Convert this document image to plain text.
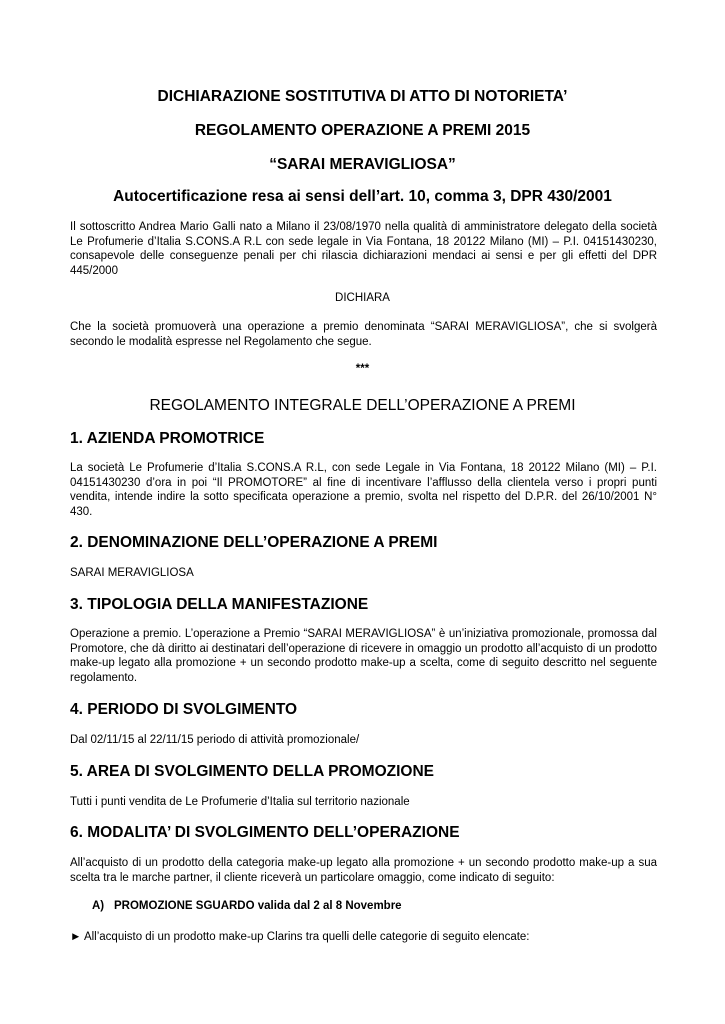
DICHIARAZIONE SOSTITUTIVA DI ATTO DI NOTORIETA’

REGOLAMENTO OPERAZIONE A PREMI 2015

“SARAI MERAVIGLIOSA”

Autocertificazione resa ai sensi dell’art. 10, comma 3, DPR 430/2001

Il sottoscritto Andrea Mario Galli nato a Milano il 23/08/1970 nella qualità di amministratore delegato della società Le Profumerie d’Italia S.CONS.A R.L con sede legale in Via Fontana, 18 20122 Milano (MI) – P.I. 04151430230, consapevole delle conseguenze penali per chi rilascia dichiarazioni mendaci ai sensi e per gli effetti del DPR 445/2000

DICHIARA

Che la società promuoverà una operazione a premio denominata “SARAI MERAVIGLIOSA”, che si svolgerà secondo le modalità espresse nel Regolamento che segue.

***

REGOLAMENTO INTEGRALE DELL’OPERAZIONE A PREMI

1. AZIENDA PROMOTRICE

La società Le Profumerie d’Italia S.CONS.A R.L, con sede Legale in Via Fontana, 18 20122 Milano (MI) – P.I. 04151430230 d’ora in poi “Il PROMOTORE” al fine di incentivare l’afflusso della clientela verso i propri punti vendita, intende indire la sotto specificata operazione a premio, svolta nel rispetto del D.P.R. del 26/10/2001 N° 430.

2. DENOMINAZIONE DELL’OPERAZIONE A PREMI

SARAI MERAVIGLIOSA

3. TIPOLOGIA DELLA MANIFESTAZIONE

Operazione a premio. L’operazione a Premio “SARAI MERAVIGLIOSA” è un’iniziativa promozionale, promossa dal Promotore, che dà diritto ai destinatari dell’operazione di ricevere in omaggio un prodotto all’acquisto di un prodotto make-up legato alla promozione + un secondo prodotto make-up a scelta, come di seguito descritto nel seguente regolamento.

4. PERIODO DI SVOLGIMENTO

Dal 02/11/15 al 22/11/15 periodo di attività promozionale/

5. AREA DI SVOLGIMENTO DELLA PROMOZIONE

Tutti i punti vendita de Le Profumerie d’Italia sul territorio nazionale

6. MODALITA’ DI SVOLGIMENTO DELL’OPERAZIONE

All’acquisto di un prodotto della categoria make-up legato alla promozione + un secondo prodotto make-up a sua scelta tra le marche partner, il cliente riceverà un particolare omaggio, come indicato di seguito:

A) PROMOZIONE SGUARDO valida dal 2 al 8 Novembre

► All’acquisto di un prodotto make-up Clarins tra quelli delle categorie di seguito elencate:
